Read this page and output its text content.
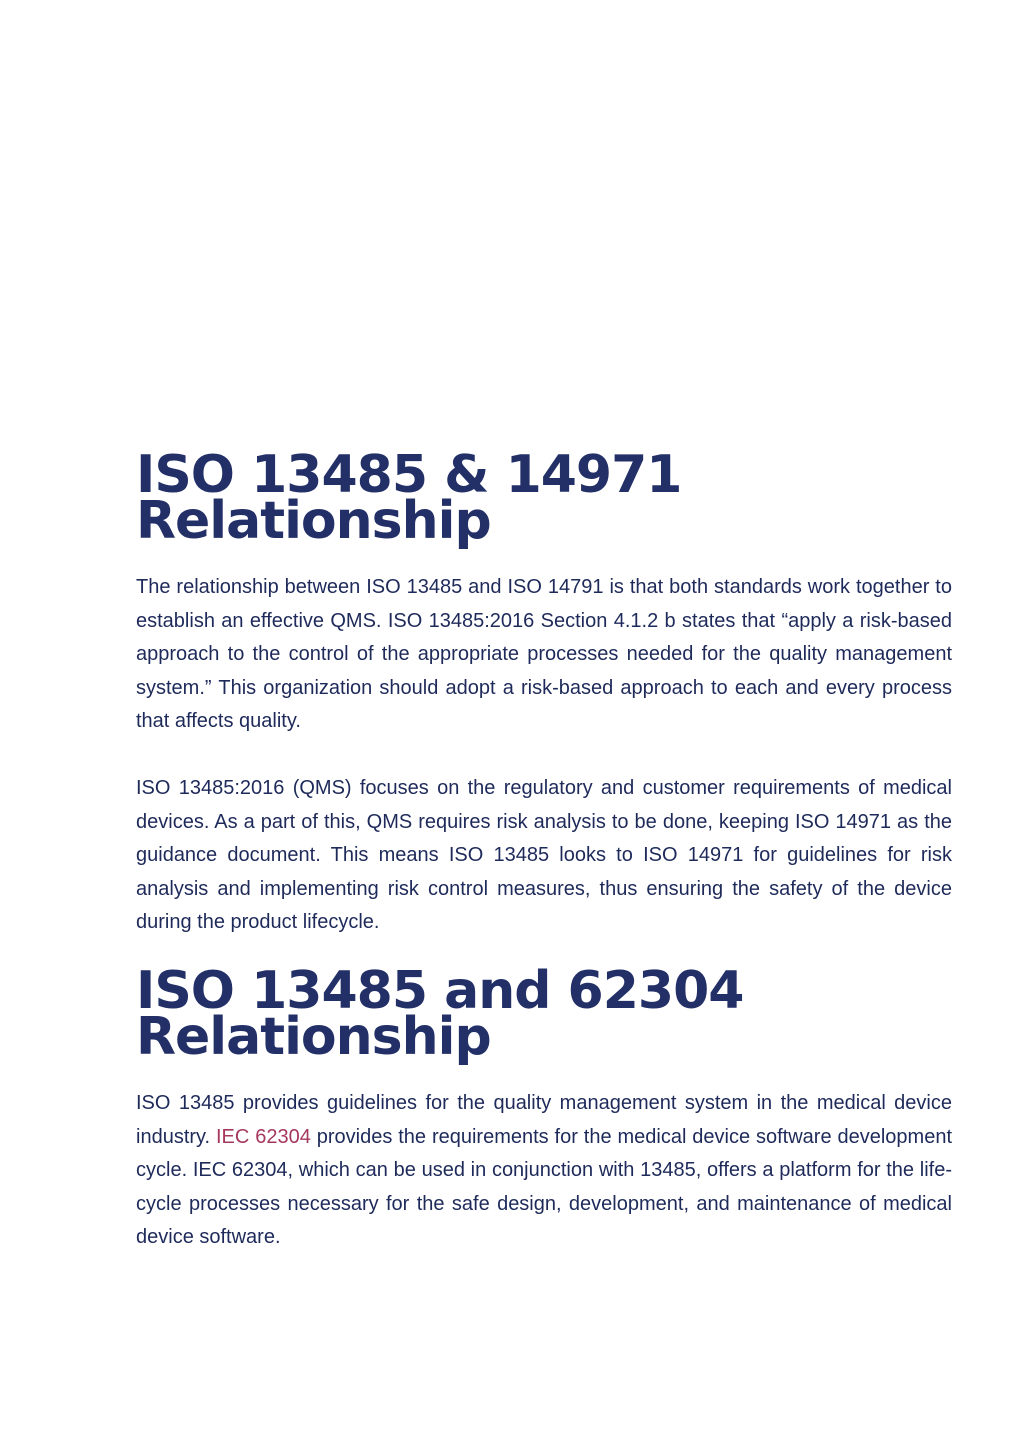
ISO 13485 & 14971
Relationship

The relationship between ISO 13485 and ISO 14791 is that both standards work together to establish an effective QMS. ISO 13485:2016 Section 4.1.2 b states that “apply a risk-based approach to the control of the appropriate processes needed for the quality management system.” This organization should adopt a risk-based approach to each and every process that affects quality.

ISO 13485:2016 (QMS) focuses on the regulatory and customer requirements of medical devices. As a part of this, QMS requires risk analysis to be done, keeping ISO 14971 as the guidance document. This means ISO 13485 looks to ISO 14971 for guidelines for risk analysis and implementing risk control measures, thus ensuring the safety of the device during the product lifecycle.

ISO 13485 and 62304
Relationship

ISO 13485 provides guidelines for the quality management system in the medical device industry. IEC 62304 provides the requirements for the medical device software development cycle. IEC 62304, which can be used in conjunction with 13485, offers a platform for the life-cycle processes necessary for the safe design, development, and maintenance of medical device software.
